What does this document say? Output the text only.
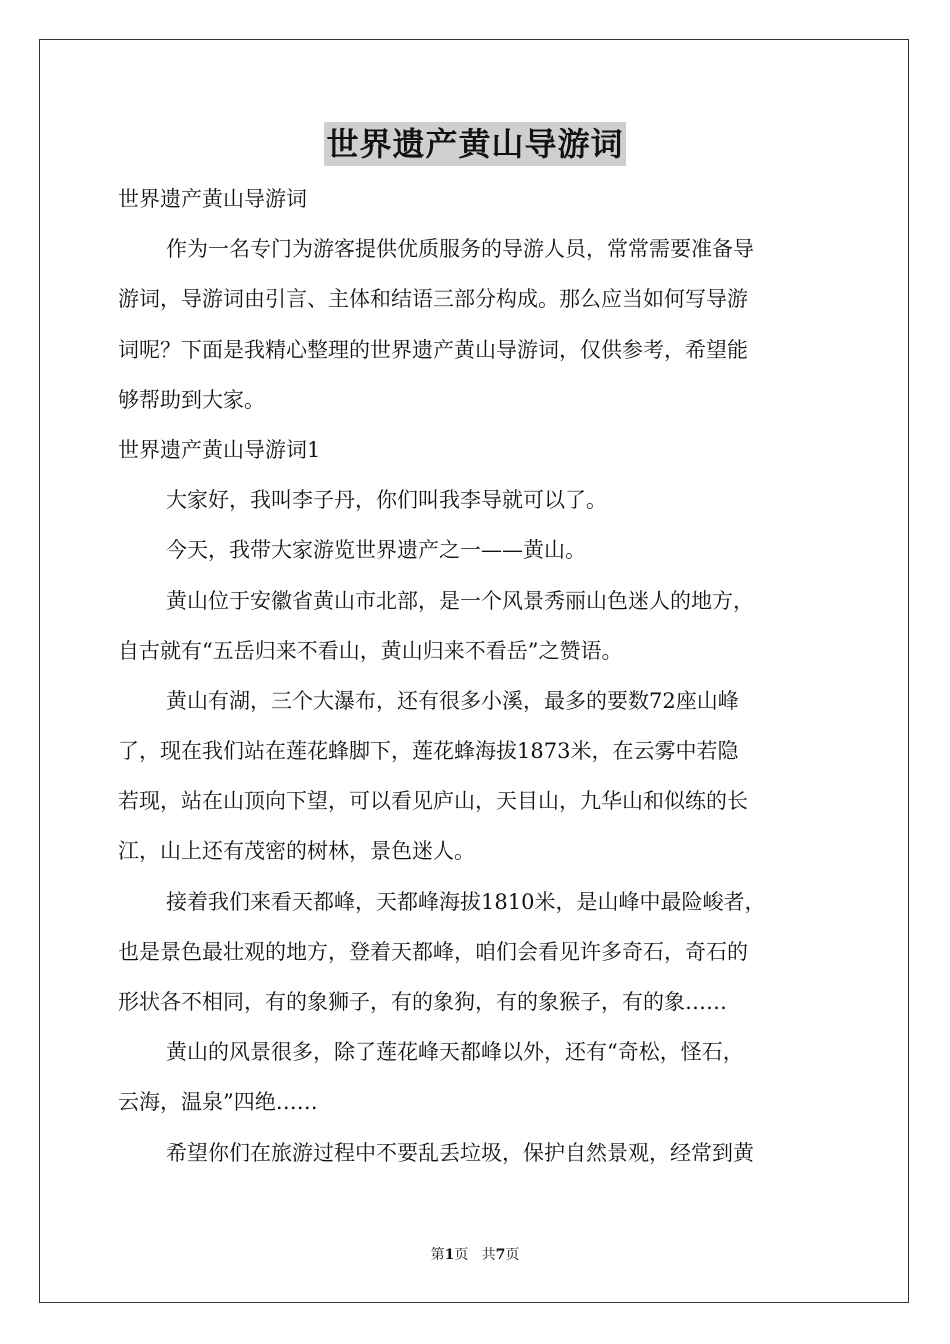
世界遗产黄山导游词
世界遗产黄山导游词
作为一名专门为游客提供优质服务的导游人员，常常需要准备导
游词，导游词由引言、主体和结语三部分构成。那么应当如何写导游
词呢？下面是我精心整理的世界遗产黄山导游词，仅供参考，希望能
够帮助到大家。
世界遗产黄山导游词1
大家好，我叫李子丹，你们叫我李导就可以了。
今天，我带大家游览世界遗产之一——黄山。
黄山位于安徽省黄山市北部，是一个风景秀丽山色迷人的地方，
自古就有“五岳归来不看山，黄山归来不看岳”之赞语。
黄山有湖，三个大瀑布，还有很多小溪，最多的要数72座山峰
了，现在我们站在莲花蜂脚下，莲花蜂海拔1873米，在云雾中若隐
若现，站在山顶向下望，可以看见庐山，天目山，九华山和似练的长
江，山上还有茂密的树林，景色迷人。
接着我们来看天都峰，天都峰海拔1810米，是山峰中最险峻者，
也是景色最壮观的地方，登着天都峰，咱们会看见许多奇石，奇石的
形状各不相同，有的象狮子，有的象狗，有的象猴子，有的象……
黄山的风景很多，除了莲花峰天都峰以外，还有“奇松，怪石，
云海，温泉”四绝……
希望你们在旅游过程中不要乱丢垃圾，保护自然景观，经常到黄
第1页 共7页
